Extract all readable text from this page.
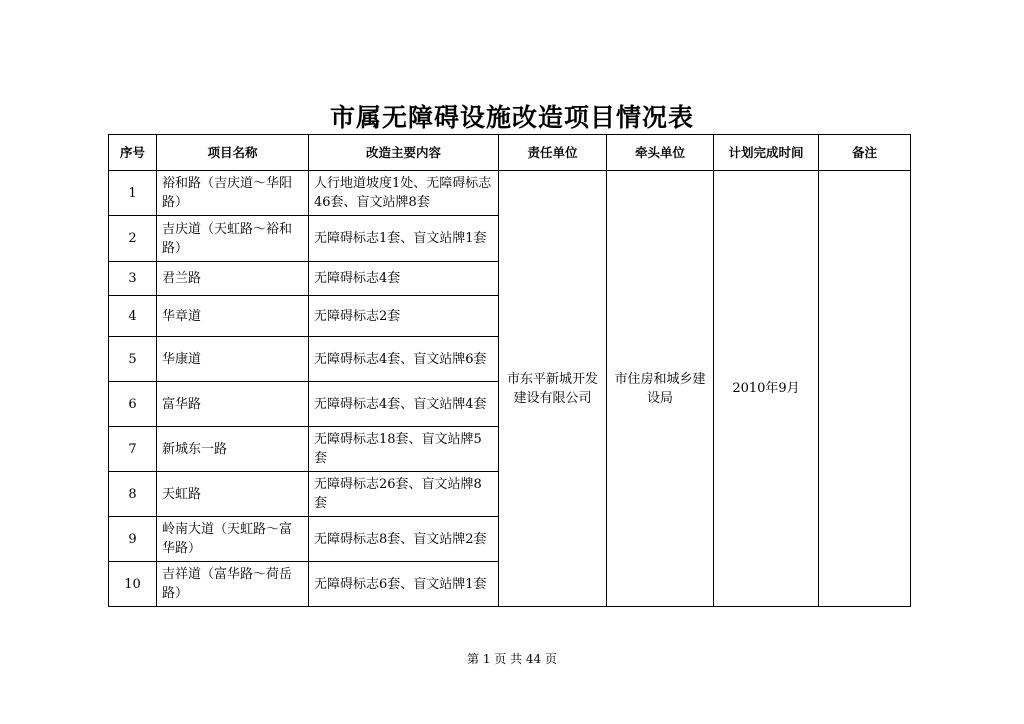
市属无障碍设施改造项目情况表
序号	项目名称	改造主要内容	责任单位	牵头单位	计划完成时间	备注
1	裕和路（吉庆道～华阳路）	人行地道坡度1处、无障碍标志46套、盲文站牌8套	市东平新城开发建设有限公司	市住房和城乡建设局	2010年9月	
2	吉庆道（天虹路～裕和路）	无障碍标志1套、盲文站牌1套				
3	君兰路	无障碍标志4套				
4	华章道	无障碍标志2套				
5	华康道	无障碍标志4套、盲文站牌6套				
6	富华路	无障碍标志4套、盲文站牌4套				
7	新城东一路	无障碍标志18套、盲文站牌5套				
8	天虹路	无障碍标志26套、盲文站牌8套				
9	岭南大道（天虹路～富华路）	无障碍标志8套、盲文站牌2套				
10	吉祥道（富华路～荷岳路）	无障碍标志6套、盲文站牌1套				
第 1 页 共 44 页
